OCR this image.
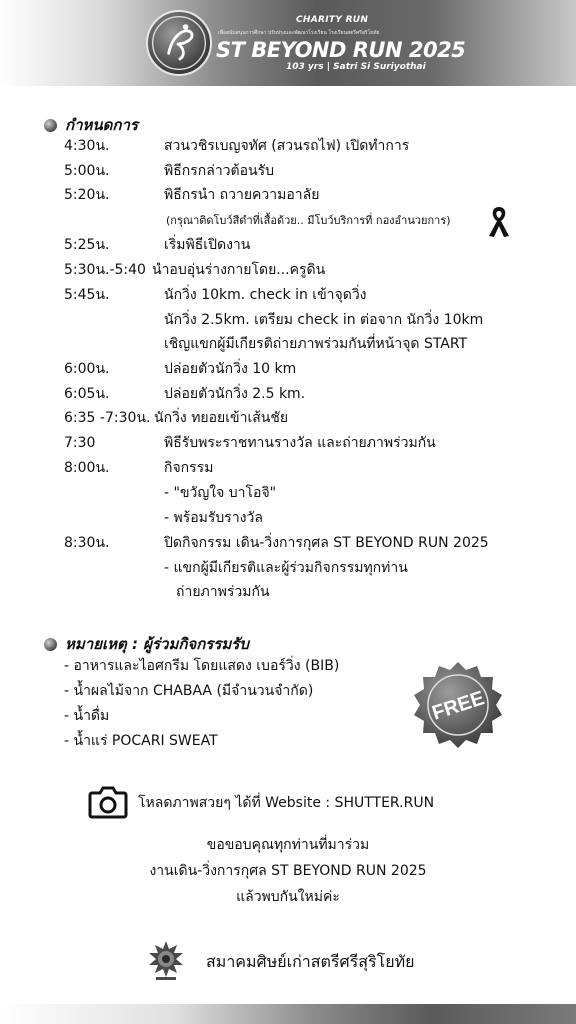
CHARITY RUN
เพื่อสนับสนุนการศึกษา ปรับปรุงและพัฒนาโรงเรียน โรงเรียนสตรีศรีสุริโยทัย
ST BEYOND RUN 2025
103 yrs | Satri Si Suriyothai
กำหนดการ
4:30น.	สวนวชิรเบญจทัศ (สวนรถไฟ) เปิดทำการ
5:00น.	พิธีกรกล่าวต้อนรับ
5:20น.	พิธีกรนำ ถวายความอาลัย
(กรุณาติดโบว์สีดำที่เสื้อด้วย.. มีโบว์บริการที่ กองอำนวยการ)
5:25น.	เริ่มพิธีเปิดงาน
5:30น.-5:40 นำอบอุ่นร่างกายโดย...ครูดิน
5:45น.	นักวิ่ง 10km. check in เข้าจุดวิ่ง
นักวิ่ง 2.5km. เตรียม check in ต่อจาก นักวิ่ง 10km
เชิญแขกผู้มีเกียรติถ่ายภาพร่วมกันที่หน้าจุด START
6:00น.	ปล่อยตัวนักวิ่ง 10 km
6:05น.	ปล่อยตัวนักวิ่ง 2.5 km.
6:35 -7:30น. นักวิ่ง ทยอยเข้าเส้นชัย
7:30	พิธีรับพระราชทานรางวัล และถ่ายภาพร่วมกัน
8:00น.	กิจกรรม
- "ขวัญใจ บาโอจิ"
- พร้อมรับรางวัล
8:30น.	ปิดกิจกรรม เดิน-วิ่งการกุศล ST BEYOND RUN 2025
- แขกผู้มีเกียรติและผู้ร่วมกิจกรรมทุกท่าน
ถ่ายภาพร่วมกัน
หมายเหตุ : ผู้ร่วมกิจกรรมรับ
- อาหารและไอศกรีม โดยแสดง เบอร์วิ่ง (BIB)
- น้ำผลไม้จาก CHABAA (มีจำนวนจำกัด)
- น้ำดื่ม
- น้ำแร่ POCARI SWEAT
FREE
โหลดภาพสวยๆ ได้ที่ Website : SHUTTER.RUN
ขอขอบคุณทุกท่านที่มาร่วม
งานเดิน-วิ่งการกุศล ST BEYOND RUN 2025
แล้วพบกันใหม่ค่ะ
สมาคมศิษย์เก่าสตรีศรีสุริโยทัย
